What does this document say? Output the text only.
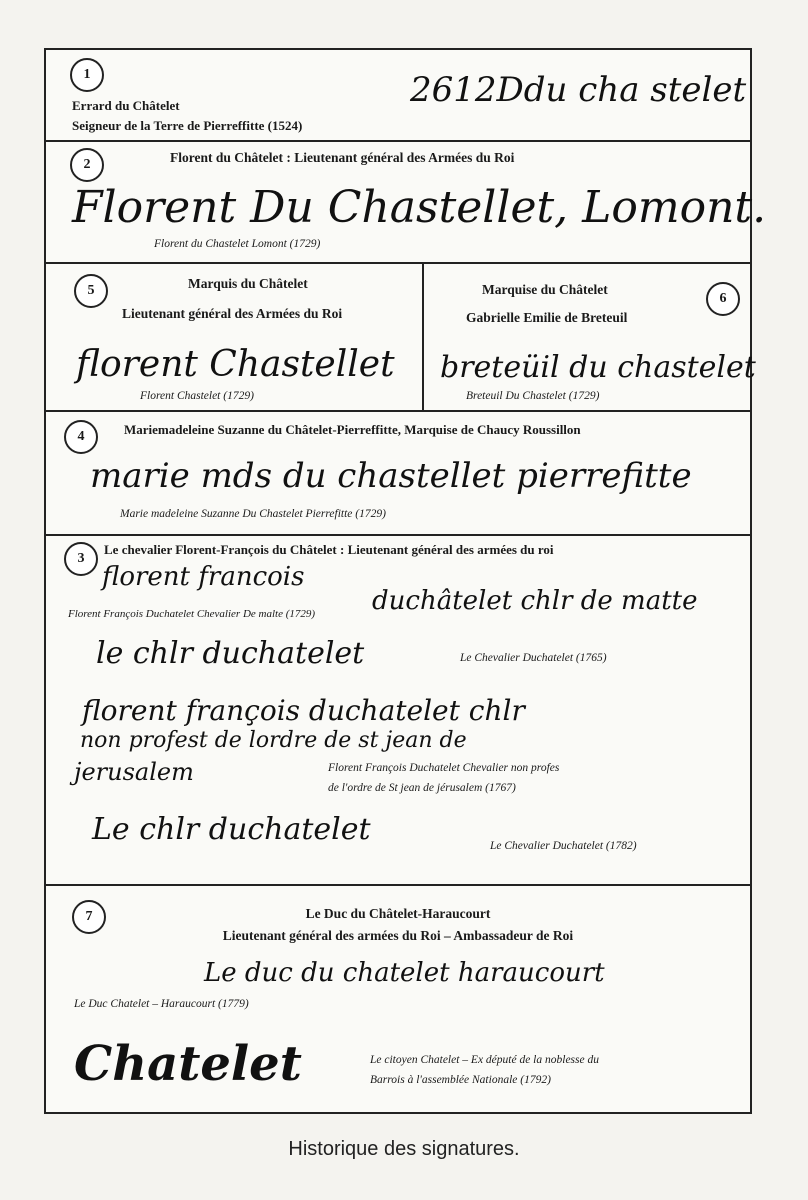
1
Errard du Châtelet
Seigneur de la Terre de Pierreffitte (1524)
2612Ddu cha stelet
2	Florent du Châtelet : Lieutenant général des Armées du Roi
Florent Du Chastellet, Lomont.
Florent du Chastelet Lomont (1729)
5	Marquis du Châtelet
Lieutenant général des Armées du Roi
florent Chastellet
Florent Chastelet (1729)
6
Marquise du Châtelet
Gabrielle Emilie de Breteuil
breteüil du chastelet
Breteuil Du Chastelet (1729)
4	Mariemadeleine Suzanne du Châtelet-Pierreffitte, Marquise de Chaucy Roussillon
marie mds du chastellet pierrefitte
Marie madeleine Suzanne Du Chastelet Pierrefitte (1729)
3
Le chevalier Florent-François du Châtelet : Lieutenant général des armées du roi
florent francois
duchâtelet chlr de matte
Florent François Duchatelet Chevalier De malte (1729)
le chlr duchatelet	Le Chevalier Duchatelet (1765)
florent françois duchatelet chlr
non profest de lordre de st jean de
jerusalem	Florent François Duchatelet Chevalier non profes
de l'ordre de St jean de jérusalem (1767)
Le chlr duchatelet	Le Chevalier Duchatelet (1782)
7	Le Duc du Châtelet-Haraucourt
Lieutenant général des armées du Roi – Ambassadeur de Roi
Le duc du chatelet haraucourt
Le Duc Chatelet – Haraucourt (1779)
Chatelet	Le citoyen Chatelet – Ex député de la noblesse du
Barrois à l'assemblée Nationale (1792)
Historique des signatures.
